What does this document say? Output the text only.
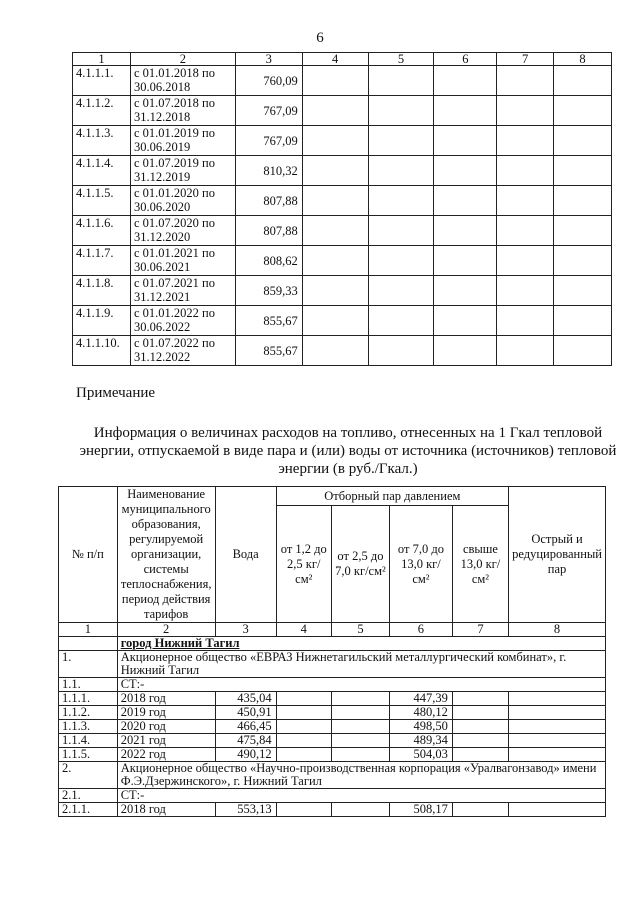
6
1	2	3	4	5	6	7	8
4.1.1.1.	с 01.01.2018 по 30.06.2018	760,09					
4.1.1.2.	с 01.07.2018 по 31.12.2018	767,09					
4.1.1.3.	с 01.01.2019 по 30.06.2019	767,09					
4.1.1.4.	с 01.07.2019 по 31.12.2019	810,32					
4.1.1.5.	с 01.01.2020 по 30.06.2020	807,88					
4.1.1.6.	с 01.07.2020 по 31.12.2020	807,88					
4.1.1.7.	с 01.01.2021 по 30.06.2021	808,62					
4.1.1.8.	с 01.07.2021 по 31.12.2021	859,33					
4.1.1.9.	с 01.01.2022 по 30.06.2022	855,67					
4.1.1.10.	с 01.07.2022 по 31.12.2022	855,67					
Примечание
Информация о величинах расходов на топливо, отнесенных на 1 Гкал тепловой энергии, отпускаемой в виде пара и (или) воды от источника (источников) тепловой энергии (в руб./Гкал.)
№ п/п	Наименование муниципального образования, регулируемой организации, системы теплоснабжения, период действия тарифов	Вода	Отборный пар давлением				Острый и редуцированный пар
			от 1,2 до 2,5 кг/см²	от 2,5 до 7,0 кг/см²	от 7,0 до 13,0 кг/см²	свыше 13,0 кг/см²	
1	2	3	4	5	6	7	8
	город Нижний Тагил						
1.	Акционерное общество «ЕВРАЗ Нижнетагильский металлургический комбинат», г. Нижний Тагил						
1.1.	СТ:-						
1.1.1.	2018 год	435,04			447,39		
1.1.2.	2019 год	450,91			480,12		
1.1.3.	2020 год	466,45			498,50		
1.1.4.	2021 год	475,84			489,34		
1.1.5.	2022 год	490,12			504,03		
2.	Акционерное общество «Научно-производственная корпорация «Уралвагонзавод» имени Ф.Э.Дзержинского», г. Нижний Тагил						
2.1.	СТ:-						
2.1.1.	2018 год	553,13			508,17		
